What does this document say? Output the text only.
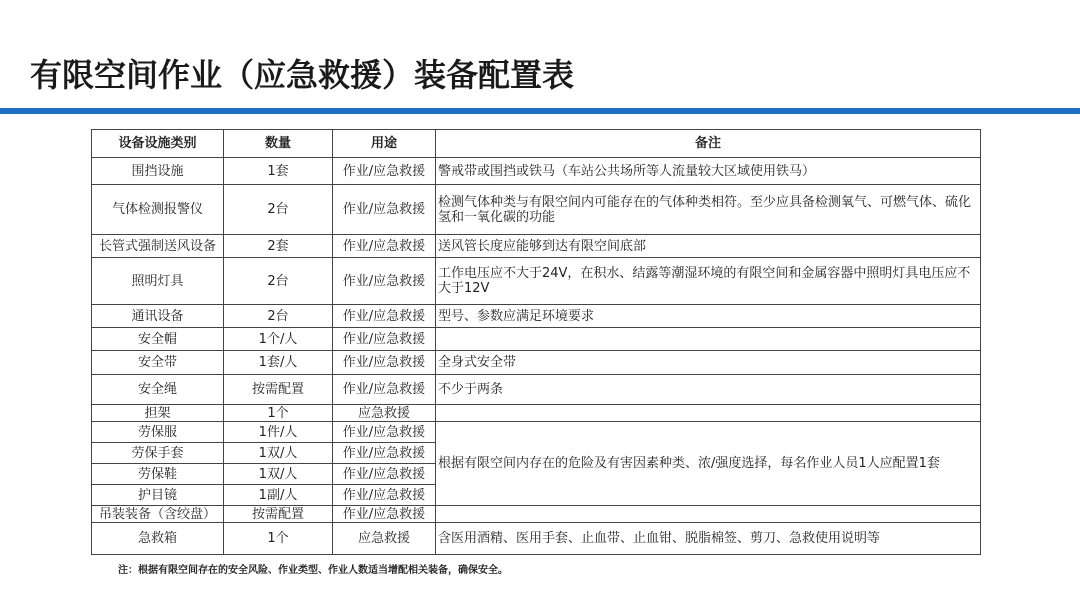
有限空间作业（应急救援）装备配置表
设备设施类别	数量	用途	备注
围挡设施	1套	作业/应急救援	警戒带或围挡或铁马（车站公共场所等人流量较大区域使用铁马）
气体检测报警仪	2台	作业/应急救援	检测气体种类与有限空间内可能存在的气体种类相符。至少应具备检测氧气、可燃气体、硫化氢和一氧化碳的功能
长管式强制送风设备	2套	作业/应急救援	送风管长度应能够到达有限空间底部
照明灯具	2台	作业/应急救援	工作电压应不大于24V，在积水、结露等潮湿环境的有限空间和金属容器中照明灯具电压应不大于12V
通讯设备	2台	作业/应急救援	型号、参数应满足环境要求
安全帽	1个/人	作业/应急救援	
安全带	1套/人	作业/应急救援	全身式安全带
安全绳	按需配置	作业/应急救援	不少于两条
担架	1个	应急救援	
劳保服	1件/人	作业/应急救援	根据有限空间内存在的危险及有害因素种类、浓/强度选择，每名作业人员1人应配置1套
劳保手套	1双/人	作业/应急救援	
劳保鞋	1双/人	作业/应急救援	
护目镜	1副/人	作业/应急救援	
吊装装备（含绞盘）	按需配置	作业/应急救援	
急救箱	1个	应急救援	含医用酒精、医用手套、止血带、止血钳、脱脂棉签、剪刀、急救使用说明等
注：根据有限空间存在的安全风险、作业类型、作业人数适当增配相关装备，确保安全。
